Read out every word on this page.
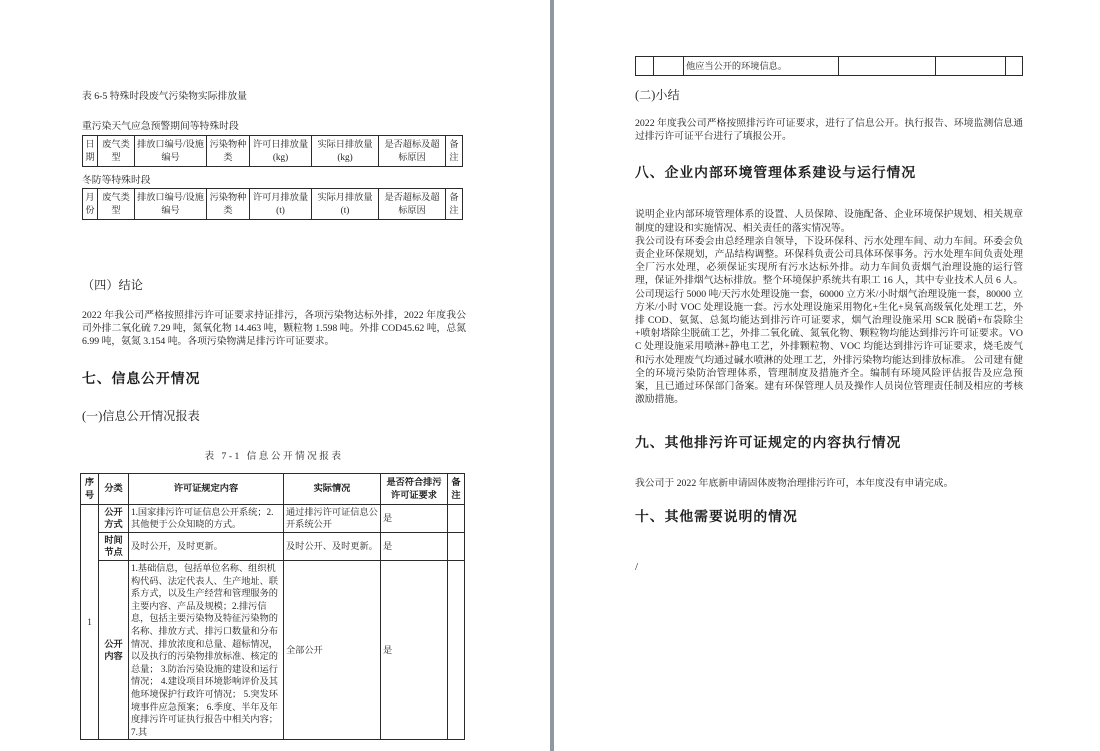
表 6-5 特殊时段废气污染物实际排放量
重污染天气应急预警期间等特殊时段
日期	废气类型	排放口编号/设施编号	污染物种类	许可日排放量(kg)	实际日排放量(kg)	是否超标及超标原因	备注
冬防等特殊时段
月份	废气类型	排放口编号/设施编号	污染物种类	许可月排放量(t)	实际月排放量(t)	是否超标及超标原因	备注
（四）结论
2022 年我公司严格按照排污许可证要求持证排污，各项污染物达标外排，2022 年度我公司外排二氧化硫 7.29 吨，氮氧化物 14.463 吨，颗粒物 1.598 吨。外排 COD45.62 吨，总氮 6.99 吨，氨氮 3.154 吨。各项污染物满足排污许可证要求。
七、信息公开情况
(一)信息公开情况报表
表 7-1 信息公开情况报表
序号	分类	许可证规定内容	实际情况	是否符合排污许可证要求	备注
1	公开方式	1.国家排污许可证信息公开系统；2.其他便于公众知晓的方式。	通过排污许可证信息公开系统公开	是	
	时间节点	及时公开，及时更新。	及时公开、及时更新。	是	
	公开内容	1.基础信息，包括单位名称、组织机构代码、法定代表人、生产地址、联系方式，以及生产经营和管理服务的主要内容、产品及规模；2.排污信息，包括主要污染物及特征污染物的名称、排放方式、排污口数量和分布情况、排放浓度和总量、超标情况，以及执行的污染物排放标准、核定的总量； 3.防治污染设施的建设和运行情况； 4.建设项目环境影响评价及其他环境保护行政许可情况； 5.突发环境事件应急预案； 6.季度、半年及年度排污许可证执行报告中相关内容； 7.其	全部公开	是	
		他应当公开的环境信息。			
(二)小结
2022 年度我公司严格按照排污许可证要求，进行了信息公开。执行报告、环境监测信息通过排污许可证平台进行了填报公开。
八、企业内部环境管理体系建设与运行情况
说明企业内部环境管理体系的设置、人员保障、设施配备、企业环境保护规划、相关规章制度的建设和实施情况、相关责任的落实情况等。
我公司设有环委会由总经理亲自领导，下设环保科、污水处理车间、动力车间。环委会负责企业环保规划，产品结构调整。环保科负责公司具体环保事务。污水处理车间负责处理全厂污水处理，必须保证实现所有污水达标外排。动力车间负责烟气治理设施的运行管理，保证外排烟气达标排放。整个环境保护系统共有职工 16 人，其中专业技术人员 6 人。公司现运行 5000 吨/天污水处理设施一套，60000 立方米/小时烟气治理设施一套，80000 立方米/小时 VOC 处理设施一套。污水处理设施采用物化+生化+臭氧高级氧化处理工艺，外排 COD、氨氮、总氮均能达到排污许可证要求，烟气治理设施采用 SCR 脱硝+布袋除尘+喷射塔除尘脱硫工艺，外排二氧化硫、氮氧化物、颗粒物均能达到排污许可证要求。VOC 处理设施采用喷淋+静电工艺，外排颗粒物、VOC 均能达到排污许可证要求，烧毛废气和污水处理废气均通过碱水喷淋的处理工艺，外排污染物均能达到排放标准。 公司建有健全的环境污染防治管理体系，管理制度及措施齐全。编制有环境风险评估报告及应急预案，且已通过环保部门备案。建有环保管理人员及操作人员岗位管理责任制及相应的考核激励措施。
九、其他排污许可证规定的内容执行情况
我公司于 2022 年底新申请固体废物治理排污许可，本年度没有申请完成。
十、其他需要说明的情况
/
